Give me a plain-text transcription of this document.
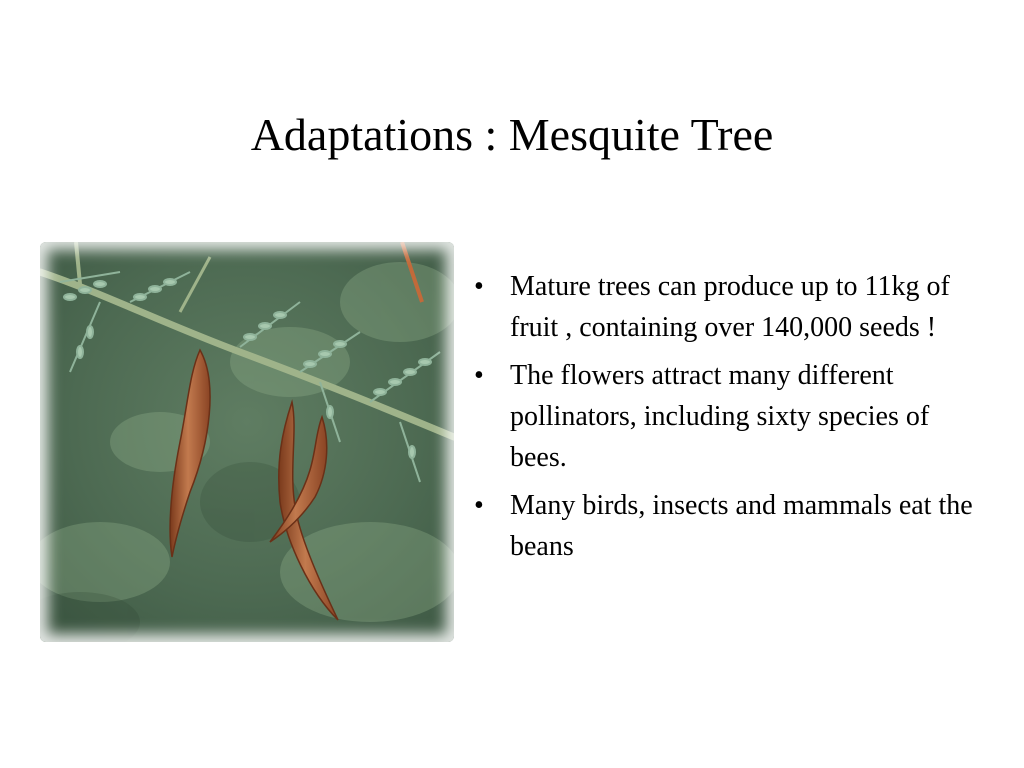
Adaptations : Mesquite Tree
• Mature trees can produce up to 11kg of fruit , containing over 140,000 seeds !
• The flowers attract many different pollinators, including sixty species of bees.
• Many birds, insects and mammals eat the beans
